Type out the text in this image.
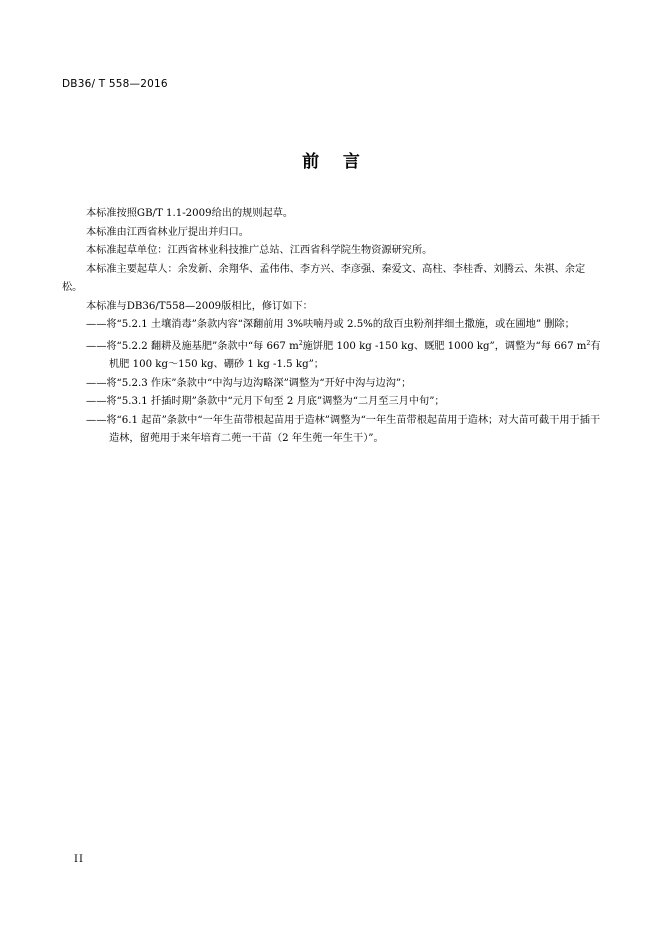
DB36/ T 558—2016
前    言

本标准按照GB/T 1.1-2009给出的规则起草。

本标准由江西省林业厅提出并归口。

本标准起草单位：江西省林业科技推广总站、江西省科学院生物资源研究所。

本标准主要起草人：余发新、余翔华、孟伟伟、李方兴、李彦强、秦爱文、高柱、李桂香、刘腾云、朱祺、余定松。

本标准与DB36/T558—2009版相比，修订如下：

——将“5.2.1 土壤消毒”条款内容“深翻前用 3%呋喃丹或 2.5%的敌百虫粉剂拌细土撒施，或在圃地” 删除；

——将“5.2.2 翻耕及施基肥”条款中“每 667 $m^2$施饼肥 100 kg -150 kg、厩肥 1000 kg”，调整为“每 667 $m^2$有机肥 100 kg～150 kg、硼砂 1 kg -1.5 kg”；

——将“5.2.3 作床”条款中“中沟与边沟略深”调整为“开好中沟与边沟”；

——将“5.3.1 扦插时期”条款中“元月下旬至 2 月底”调整为“二月至三月中旬”；

——将“6.1 起苗”条款中“一年生苗带根起苗用于造林”调整为“一年生苗带根起苗用于造林；对大苗可截干用于插干造林，留蔸用于来年培育二蔸一干苗（2 年生蔸一年生干）”。

II
